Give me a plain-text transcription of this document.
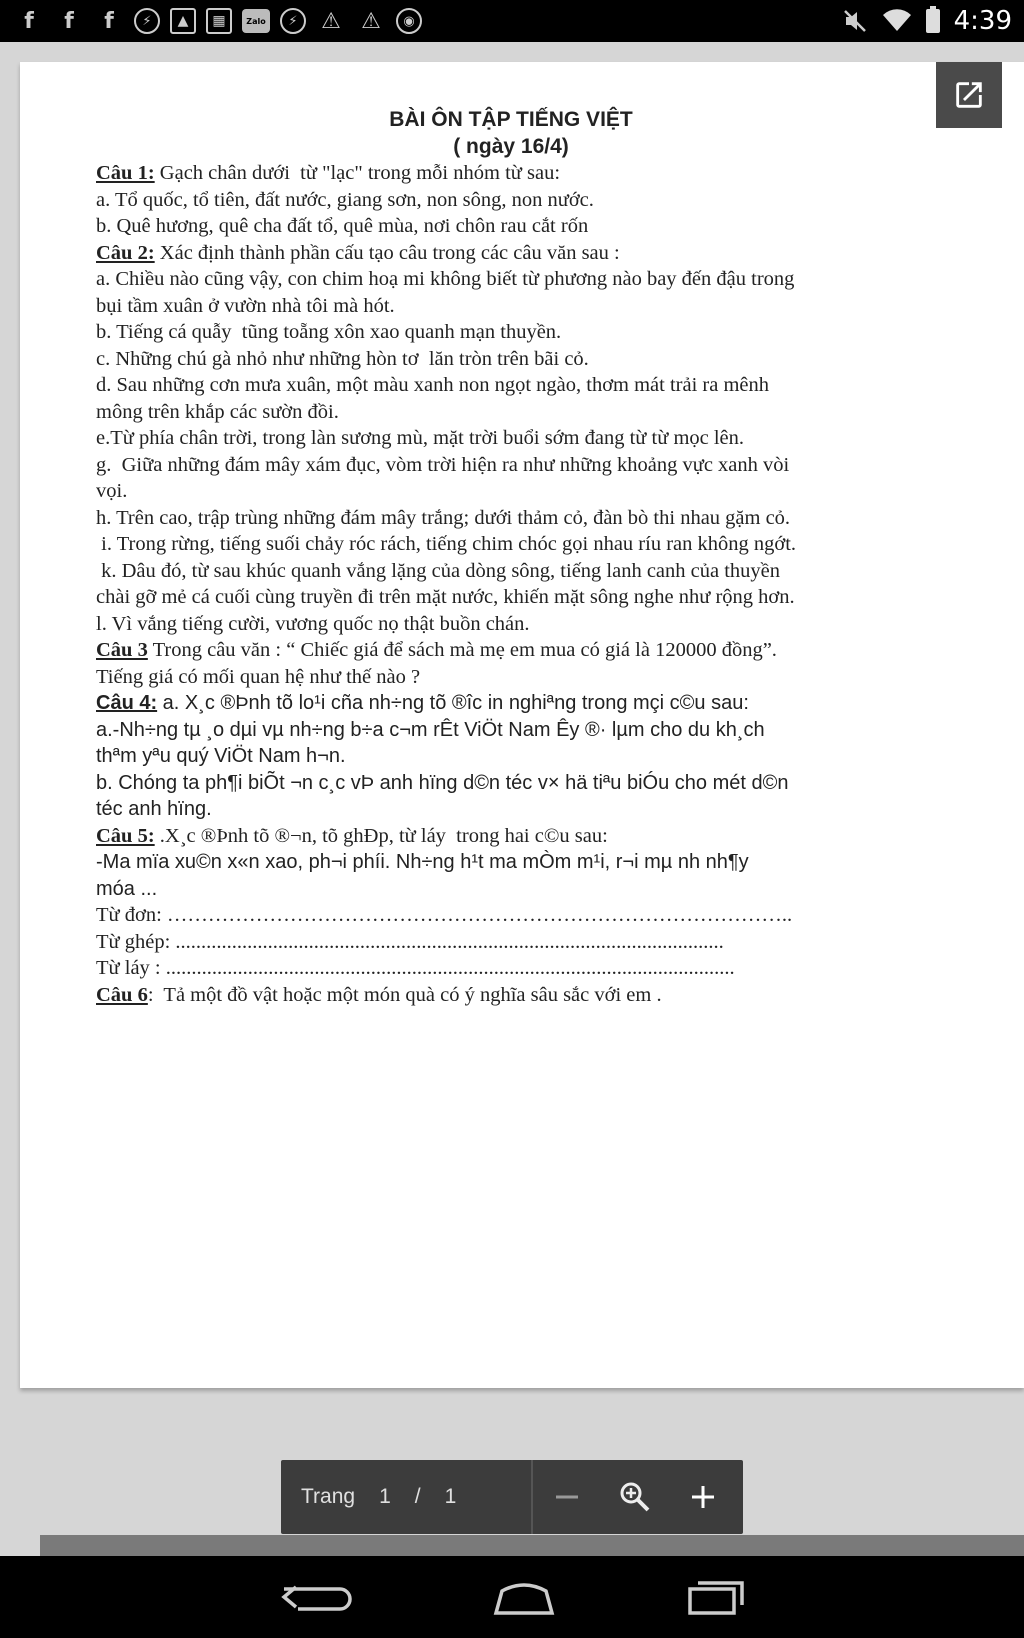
f	f	f	⚡	▲	▦	Zalo	⚡	⚠ ⚠	◉	4:39

BÀI ÔN TẬP TIẾNG VIỆT

( ngày 16/4)

Câu 1: Gạch chân dưới  từ "lạc" trong mỗi nhóm từ sau:

a. Tổ quốc, tổ tiên, đất nước, giang sơn, non sông, non nước.

b. Quê hương, quê cha đất tổ, quê mùa, nơi chôn rau cắt rốn

Câu 2: Xác định thành phần cấu tạo câu trong các câu văn sau :

a. Chiều nào cũng vậy, con chim hoạ mi không biết từ phương nào bay đến đậu trong

bụi tầm xuân ở vườn nhà tôi mà hót.

b. Tiếng cá quẫy  tũng toẵng xôn xao quanh mạn thuyền.

c. Những chú gà nhỏ như những hòn tơ  lăn tròn trên bãi cỏ.

d. Sau những cơn mưa xuân, một màu xanh non ngọt ngào, thơm mát trải ra mênh

mông trên khắp các sườn đồi.

e.Từ phía chân trời, trong làn sương mù, mặt trời buổi sớm đang từ từ mọc lên.

g.  Giữa những đám mây xám đục, vòm trời hiện ra như những khoảng vực xanh vòi

vọi.

h. Trên cao, trập trùng những đám mây trắng; dưới thảm cỏ, đàn bò thi nhau gặm cỏ.

i. Trong rừng, tiếng suối chảy róc rách, tiếng chim chóc gọi nhau ríu ran không ngớt.

k. Dâu đó, từ sau khúc quanh vắng lặng của dòng sông, tiếng lanh canh của thuyền

chài gỡ mẻ cá cuối cùng truyền đi trên mặt nước, khiến mặt sông nghe như rộng hơn.

l. Vì vắng tiếng cười, vương quốc nọ thật buồn chán.

Câu 3 Trong câu văn : “ Chiếc giá để sách mà mẹ em mua có giá là 120000 đồng”.

Tiếng giá có mối quan hệ như thế nào ?

Câu 4: a. X¸c ®Þnh tõ lo¹i cña nh÷ng tõ ®îc in nghiªng trong mçi c©u sau:

a.-Nh÷ng tµ ¸o dµi vµ nh÷ng b÷a c¬m rÊt ViÖt Nam Êy ®· lµm cho du kh¸ch

thªm yªu quý ViÖt Nam h¬n.

b. Chóng ta ph¶i biÕt ¬n c¸c vÞ anh hïng d©n téc v× hä tiªu biÓu cho mét d©n

téc anh hïng.

Câu 5: .X¸c ®Þnh tõ ®¬n, tõ ghÐp, từ láy  trong hai c©u sau:

-Ma mïa xu©n x«n xao, ph¬i phíi. Nh÷ng h¹t ma mÒm m¹i, r¬i mµ nh nh¶y

móa ...

Từ đơn: ………………………………………………………………………………..

Từ ghép: ...........................................................................................................

Từ láy : ...............................................................................................................

Câu 6:  Tả một đồ vật hoặc một món quà có ý nghĩa sâu sắc với em .

Trang 1 / 1
